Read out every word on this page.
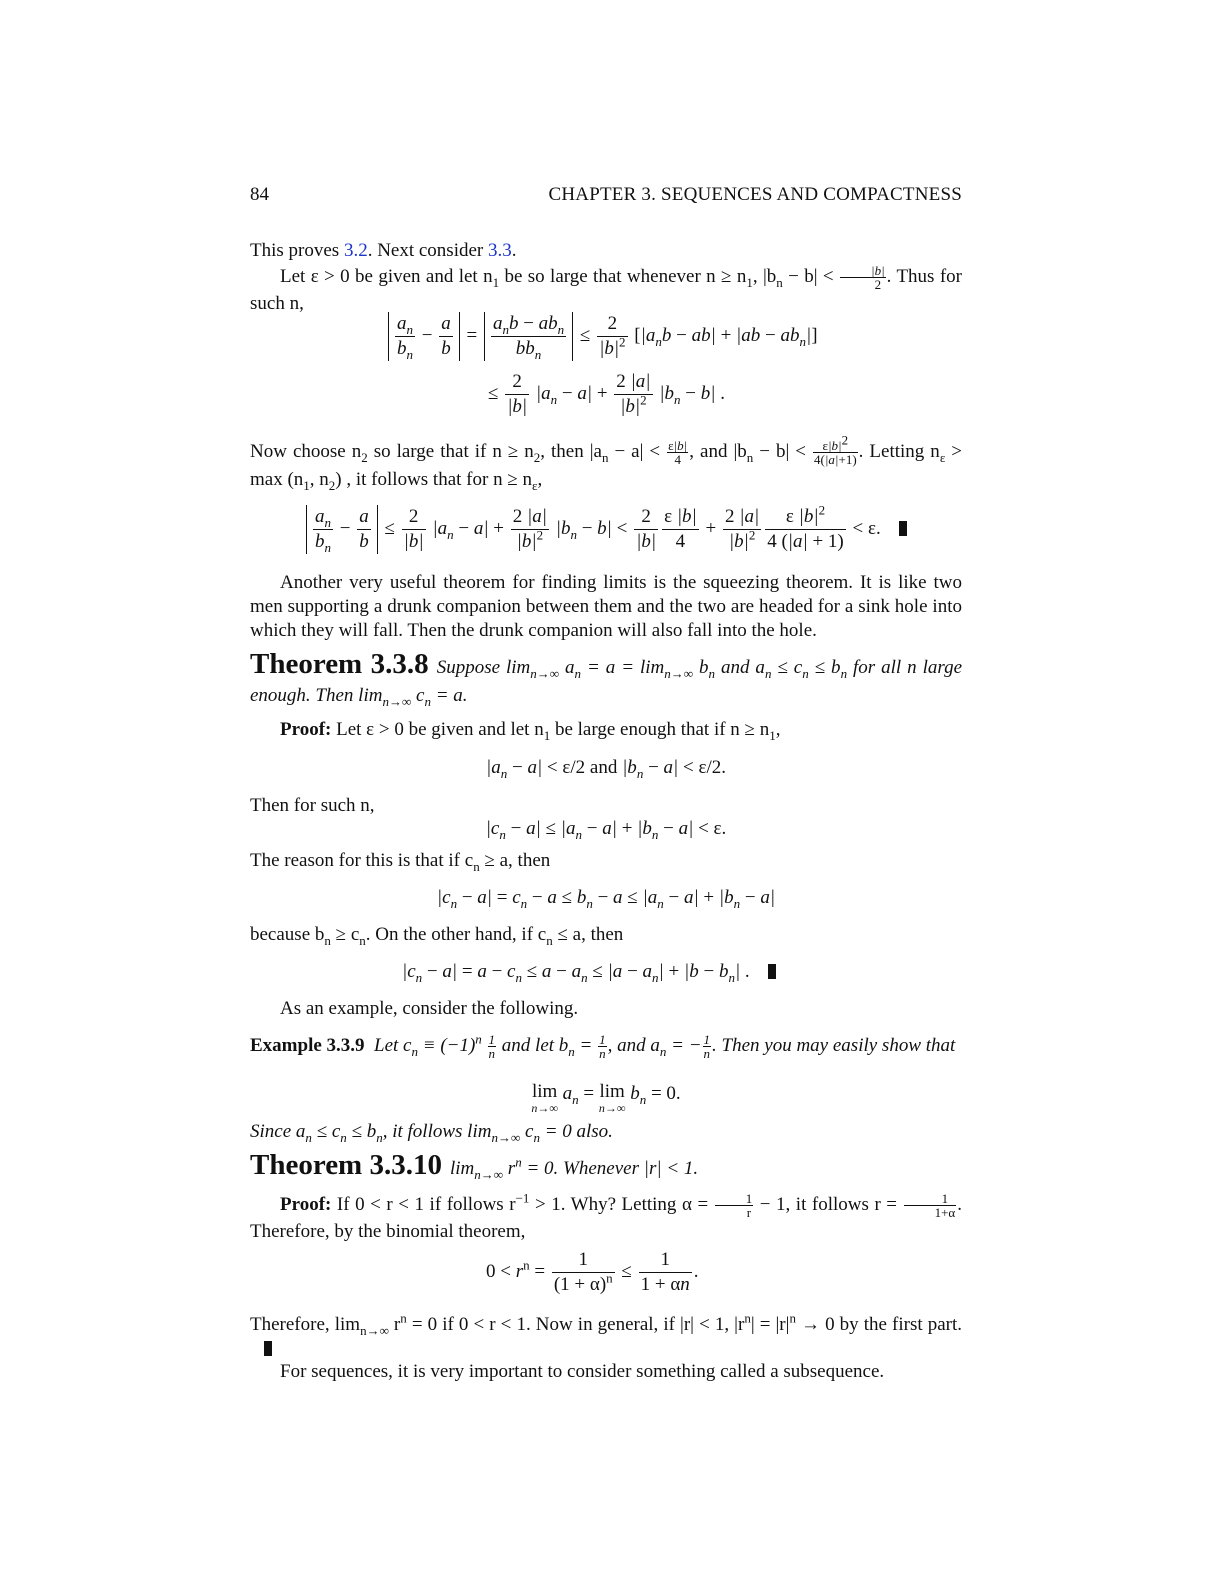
84	CHAPTER 3. SEQUENCES AND COMPACTNESS
This proves 3.2. Next consider 3.3.

Let ε > 0 be given and let $n_1$ be so large that whenever $n \ge n_1$, $|b_n - b| < \frac{|b|}{2}$ . Thus for such n,

$\frac{a_n}{b_n} - \frac{a}{b} = \frac{a_nb - ab_n}{bb_n} \le \frac{2}{|b|^2} [|a_nb - ab| + |ab - ab_n|]$
≤ $\frac{2}{|b|} |a_n - a| + \frac{2 |a|}{|b|^2} |b_n - b|$ .

Now choose $n_2$ so large that if $n \ge n_2$, then $|a_n - a| < \frac{\varepsilon|b|}{4}$ , and $|b_n - b| < \frac{\varepsilon|b|^2}{4(|a|+1)}$ . Letting $n_\varepsilon > \max (n_1$, $n_2$) , it follows that for $n \ge n_\varepsilon$,

$\frac{a_n}{b_n} - \frac{a}{b} \le \frac{2}{|b|} |a_n - a| + \frac{2 |a|}{|b|^2} |b_n - b| < \frac{2}{|b|} \frac{\varepsilon |b|}{4} + \frac{2 |a|}{|b|^2} \frac{\varepsilon |b|^2}{4 (|a| + 1)} < \varepsilon$.

Another very useful theorem for finding limits is the squeezing theorem. It is like two men supporting a drunk companion between them and the two are headed for a sink hole into which they will fall. Then the drunk companion will also fall into the hole.

Theorem 3.3.8 Suppose $\lim_{n\to\infty} a_n = a = \lim_{n\to\infty} b_n$ and $a_n \le c_n \le b_n$ for all n large enough. Then $\lim_{n\to\infty} c_n = a$.

Proof: Let ε > 0 be given and let $n_1$ be large enough that if $n \ge n_1$,

$|a_n - a| < \varepsilon/2$ and $|b_n - a| < \varepsilon/2$.

Then for such n,

$|c_n - a| \le |a_n - a| + |b_n - a| < \varepsilon$.

The reason for this is that if $c_n \ge a$, then

$|c_n - a| = c_n - a \le b_n - a \le |a_n - a| + |b_n - a|$

because $b_n \ge c_n$. On the other hand, if $c_n \le a$, then

$|c_n - a| = a - c_n \le a - a_n \le |a - a_n| + |b - b_n|$ .

As an example, consider the following.

Example 3.3.9 Let $c_n \equiv (-1)^n \frac{1}{n}$ and let $b_n = \frac{1}{n}$ , and $a_n$ = − $\frac{1}{n}$ . Then you may easily show that

lim
n→∞
$a_n = \lim$
n→∞
$b_n = 0$.

Since $a_n \le c_n \le b_n$, it follows $\lim_{n\to\infty} c_n = 0$ also.

Theorem 3.3.10 $\lim_{n\to\infty} r^n = 0$. Whenever |r| < 1.

Proof: If 0 < r < 1 if follows $r^{-1} > 1$. Why? Letting $\alpha = \frac{1}{r} - 1$, it follows $r = \frac{1}{1+\alpha}$ . Therefore, by the binomial theorem,

$0 < r^n = \frac{1}{(1 + \alpha)^n} \le \frac{1}{1 + \alpha n}$ .

Therefore, $\lim_{n\to\infty} r^n = 0$ if 0 < r < 1. Now in general, if |r| < 1, $|r^n| = |r|^n \to 0$ by the first part.

For sequences, it is very important to consider something called a subsequence.
